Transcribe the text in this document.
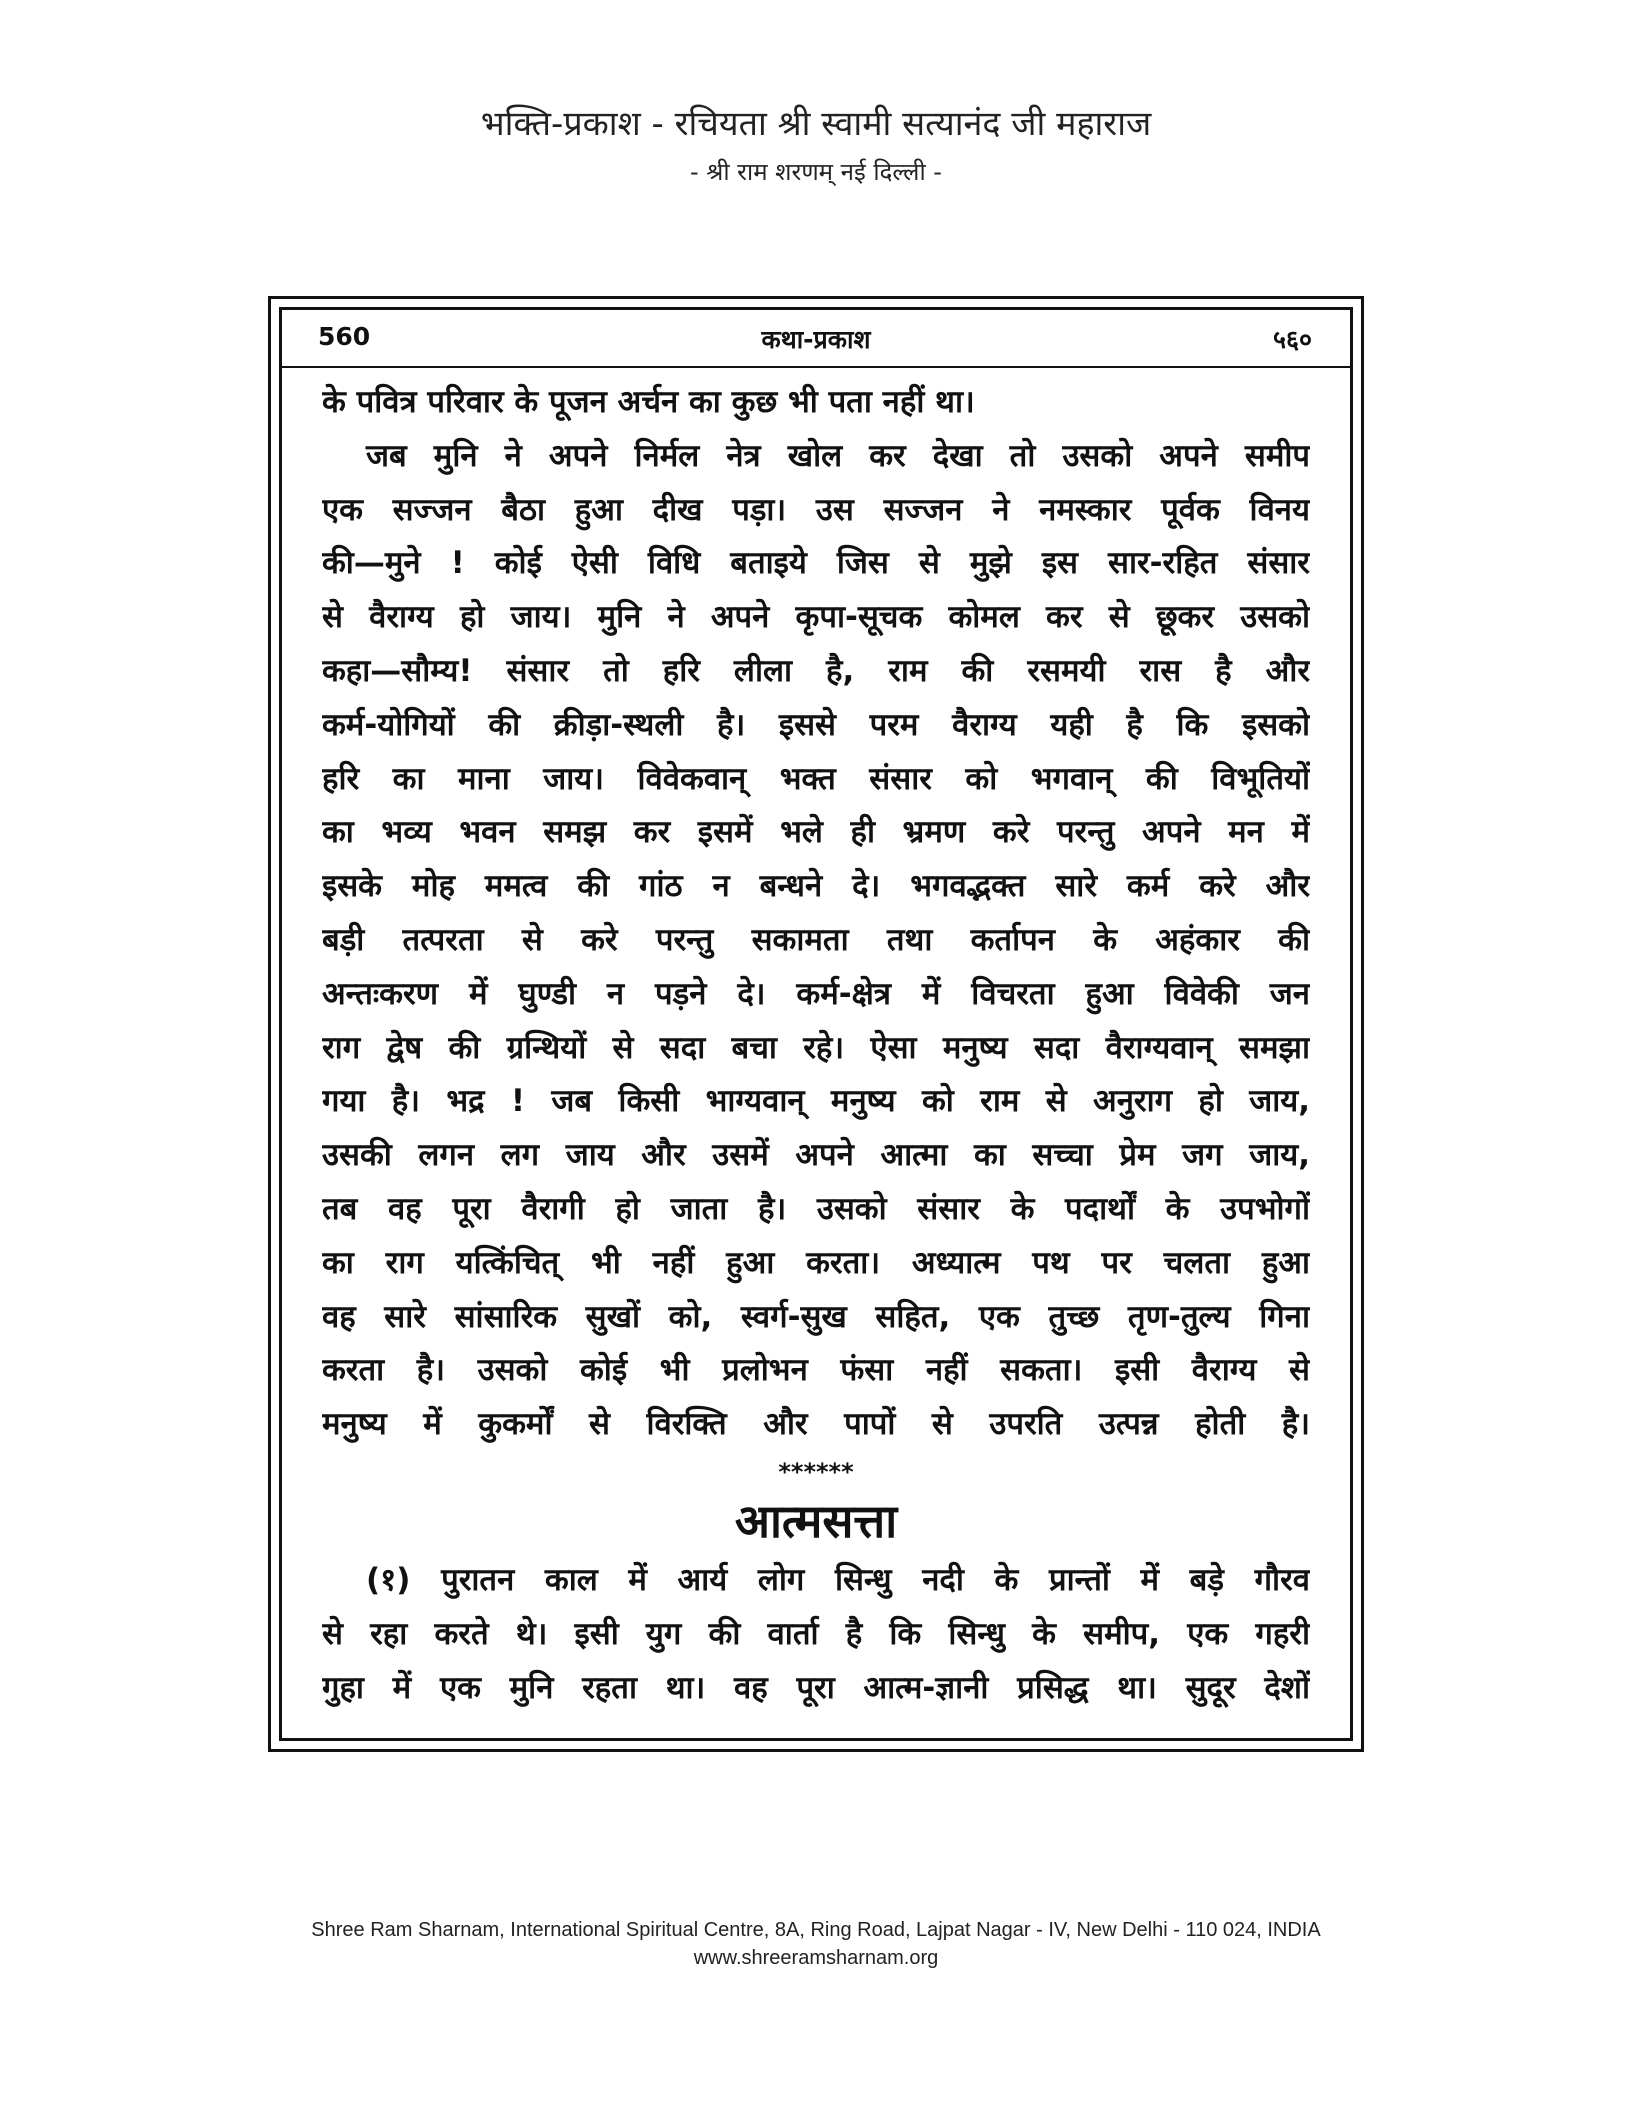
भक्ति-प्रकाश - रचियता श्री स्वामी सत्यानंद जी महाराज
- श्री राम शरणम् नई दिल्ली -
560	कथा-प्रकाश	५६०
के पवित्र परिवार के पूजन अर्चन का कुछ भी पता नहीं था।
जब मुनि ने अपने निर्मल नेत्र खोल कर देखा तो उसको अपने समीप
एक सज्जन बैठा हुआ दीख पड़ा। उस सज्जन ने नमस्कार पूर्वक विनय
की—मुने ! कोई ऐसी विधि बताइये जिस से मुझे इस सार-रहित संसार
से वैराग्य हो जाय। मुनि ने अपने कृपा-सूचक कोमल कर से छूकर उसको
कहा—सौम्य! संसार तो हरि लीला है, राम की रसमयी रास है और
कर्म-योगियों की क्रीड़ा-स्थली है। इससे परम वैराग्य यही है कि इसको
हरि का माना जाय। विवेकवान् भक्त संसार को भगवान् की विभूतियों
का भव्य भवन समझ कर इसमें भले ही भ्रमण करे परन्तु अपने मन में
इसके मोह ममत्व की गांठ न बन्धने दे। भगवद्भक्त सारे कर्म करे और
बड़ी तत्परता से करे परन्तु सकामता तथा कर्तापन के अहंकार की
अन्तःकरण में घुण्डी न पड़ने दे। कर्म-क्षेत्र में विचरता हुआ विवेकी जन
राग द्वेष की ग्रन्थियों से सदा बचा रहे। ऐसा मनुष्य सदा वैराग्यवान् समझा
गया है। भद्र ! जब किसी भाग्यवान् मनुष्य को राम से अनुराग हो जाय,
उसकी लगन लग जाय और उसमें अपने आत्मा का सच्चा प्रेम जग जाय,
तब वह पूरा वैरागी हो जाता है। उसको संसार के पदार्थों के उपभोगों
का राग यत्किंचित् भी नहीं हुआ करता। अध्यात्म पथ पर चलता हुआ
वह सारे सांसारिक सुखों को, स्वर्ग-सुख सहित, एक तुच्छ तृण-तुल्य गिना
करता है। उसको कोई भी प्रलोभन फंसा नहीं सकता। इसी वैराग्य से
मनुष्य में कुकर्मों से विरक्ति और पापों से उपरति उत्पन्न होती है।
******
आत्मसत्ता
(१) पुरातन काल में आर्य लोग सिन्धु नदी के प्रान्तों में बड़े गौरव
से रहा करते थे। इसी युग की वार्ता है कि सिन्धु के समीप, एक गहरी
गुहा में एक मुनि रहता था। वह पूरा आत्म-ज्ञानी प्रसिद्ध था। सुदूर देशों
Shree Ram Sharnam, International Spiritual Centre, 8A, Ring Road, Lajpat Nagar - IV, New Delhi - 110 024, INDIA
www.shreeramsharnam.org
